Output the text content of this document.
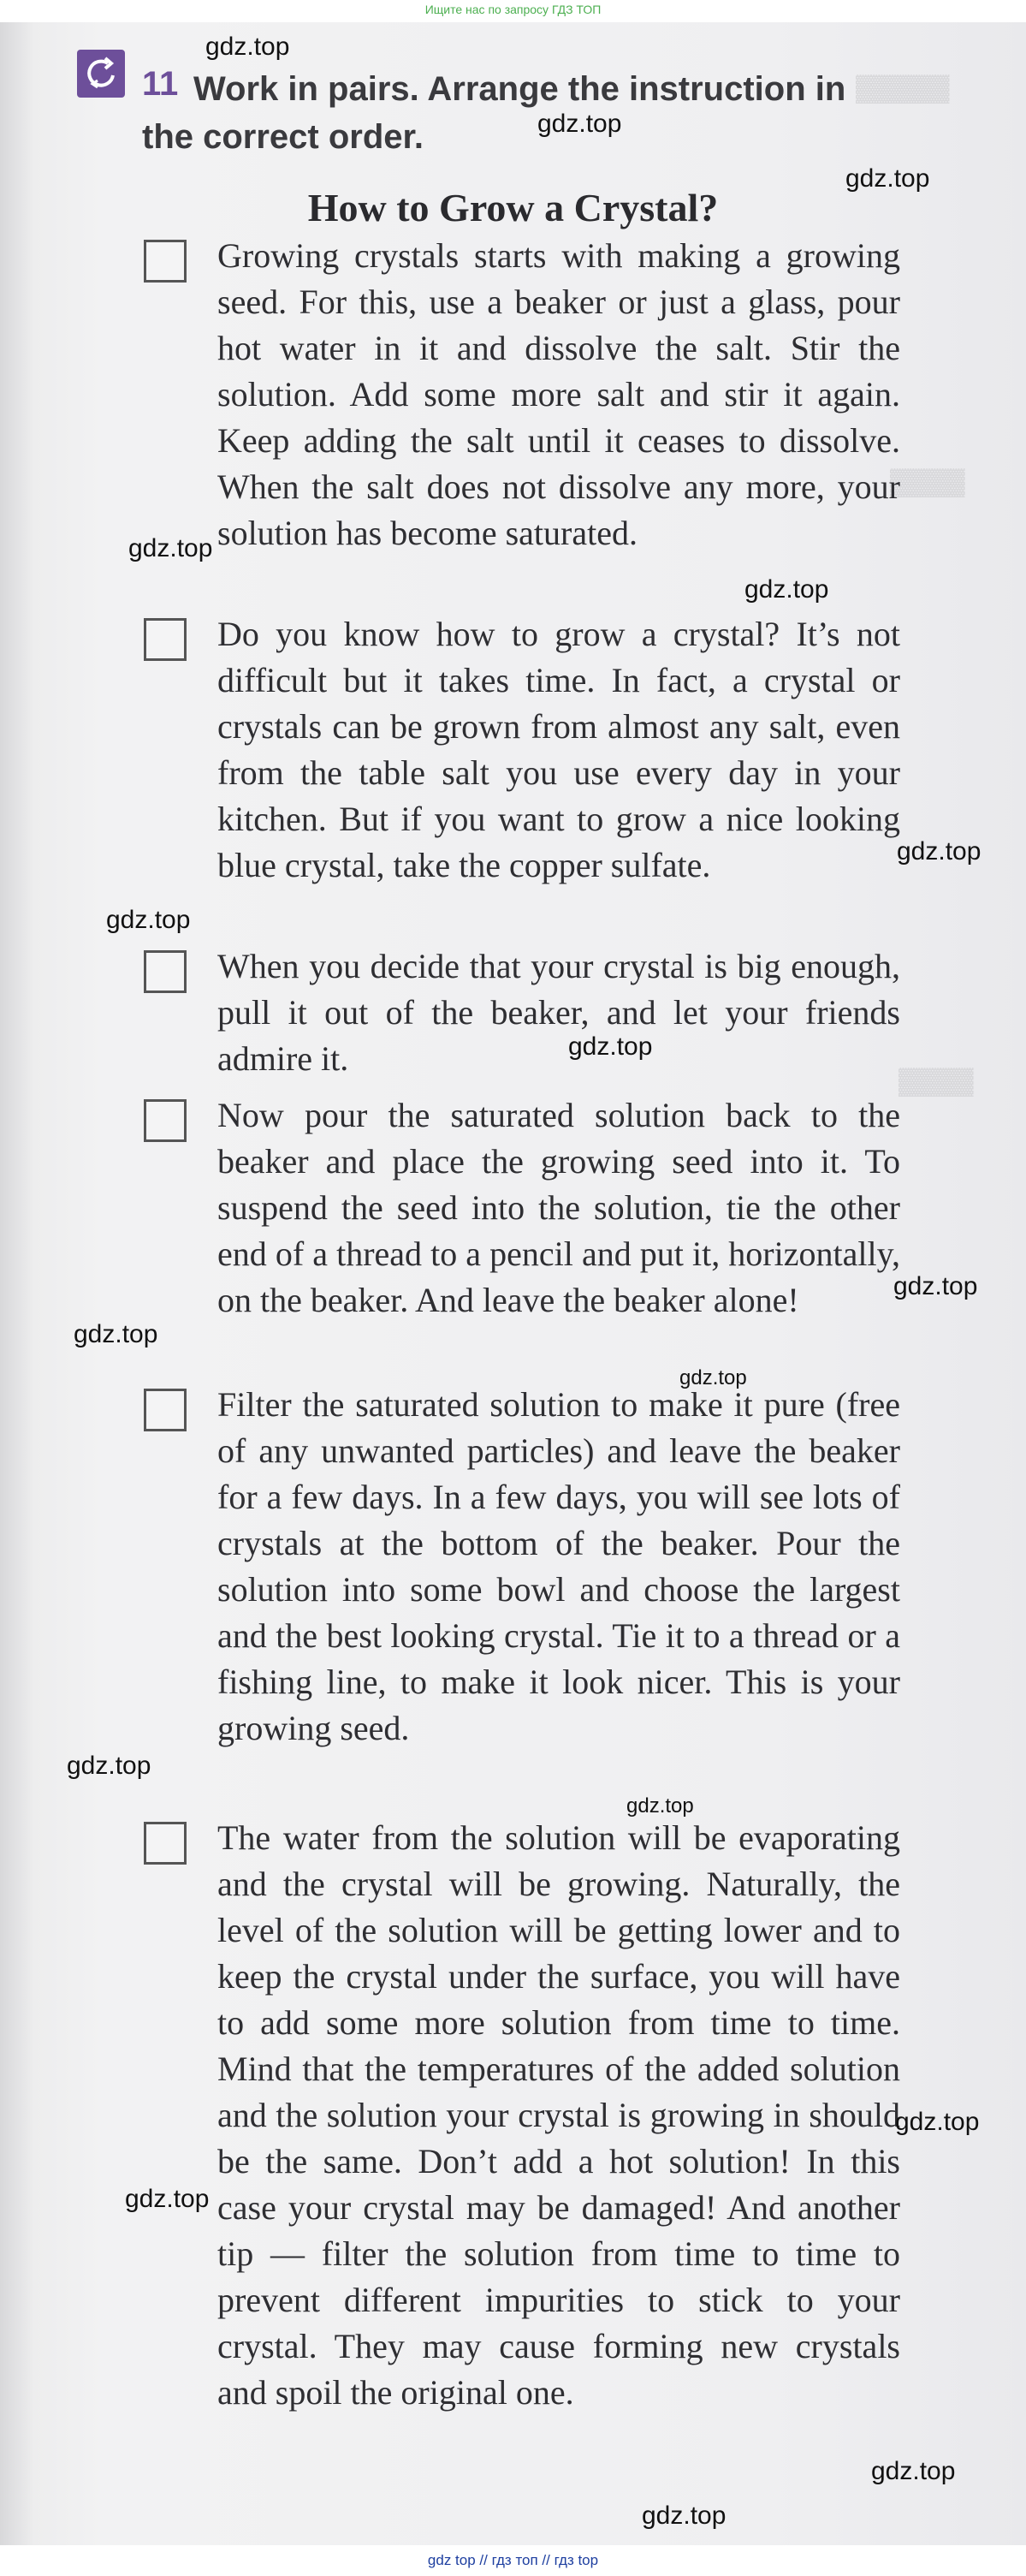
Ищите нас по запросу ГДЗ ТОП
▓▓▓▓▓
▓▓▓▓
▓▓▓▓
11 Work in pairs. Arrange the instruction in the correct order.
How to Grow a Crystal?
Growing crystals starts with making a growing seed. For this, use a beaker or just a glass, pour hot water in it and dissolve the salt. Stir the solution. Add some more salt and stir it again. Keep adding the salt until it ceases to dissolve. When the salt does not dissolve any more, your solution has become saturated.
Do you know how to grow a crystal? It’s not difficult but it takes time. In fact, a crystal or crystals can be grown from almost any salt, even from the table salt you use every day in your kitchen. But if you want to grow a nice looking blue crystal, take the copper sulfate.
When you decide that your crystal is big enough, pull it out of the beaker, and let your friends admire it.
Now pour the saturated solution back to the beaker and place the growing seed into it. To suspend the seed into the solution, tie the other end of a thread to a pencil and put it, horizontally, on the beaker. And leave the beaker alone!
Filter the saturated solution to make it pure (free of any unwanted particles) and leave the beaker for a few days. In a few days, you will see lots of crystals at the bottom of the beaker. Pour the solution into some bowl and choose the largest and the best looking crystal. Tie it to a thread or a fishing line, to make it look nicer. This is your growing seed.
The water from the solution will be evaporating and the crystal will be growing. Naturally, the level of the solution will be getting lower and to keep the crystal under the surface, you will have to add some more solution from time to time. Mind that the temperatures of the added solution and the solution your crystal is growing in should be the same. Don’t add a hot solution! In this case your crystal may be damaged! And another tip — filter the solution from time to time to prevent different impurities to stick to your crystal. They may cause forming new crystals and spoil the original one.
gdz.top
gdz.top
gdz.top
gdz.top
gdz.top
gdz.top
gdz.top
gdz.top
gdz.top
gdz.top
gdz.top
gdz.top
gdz.top
gdz.top
gdz.top
gdz.top
gdz.top
gdz top // гдз топ // гдз top
